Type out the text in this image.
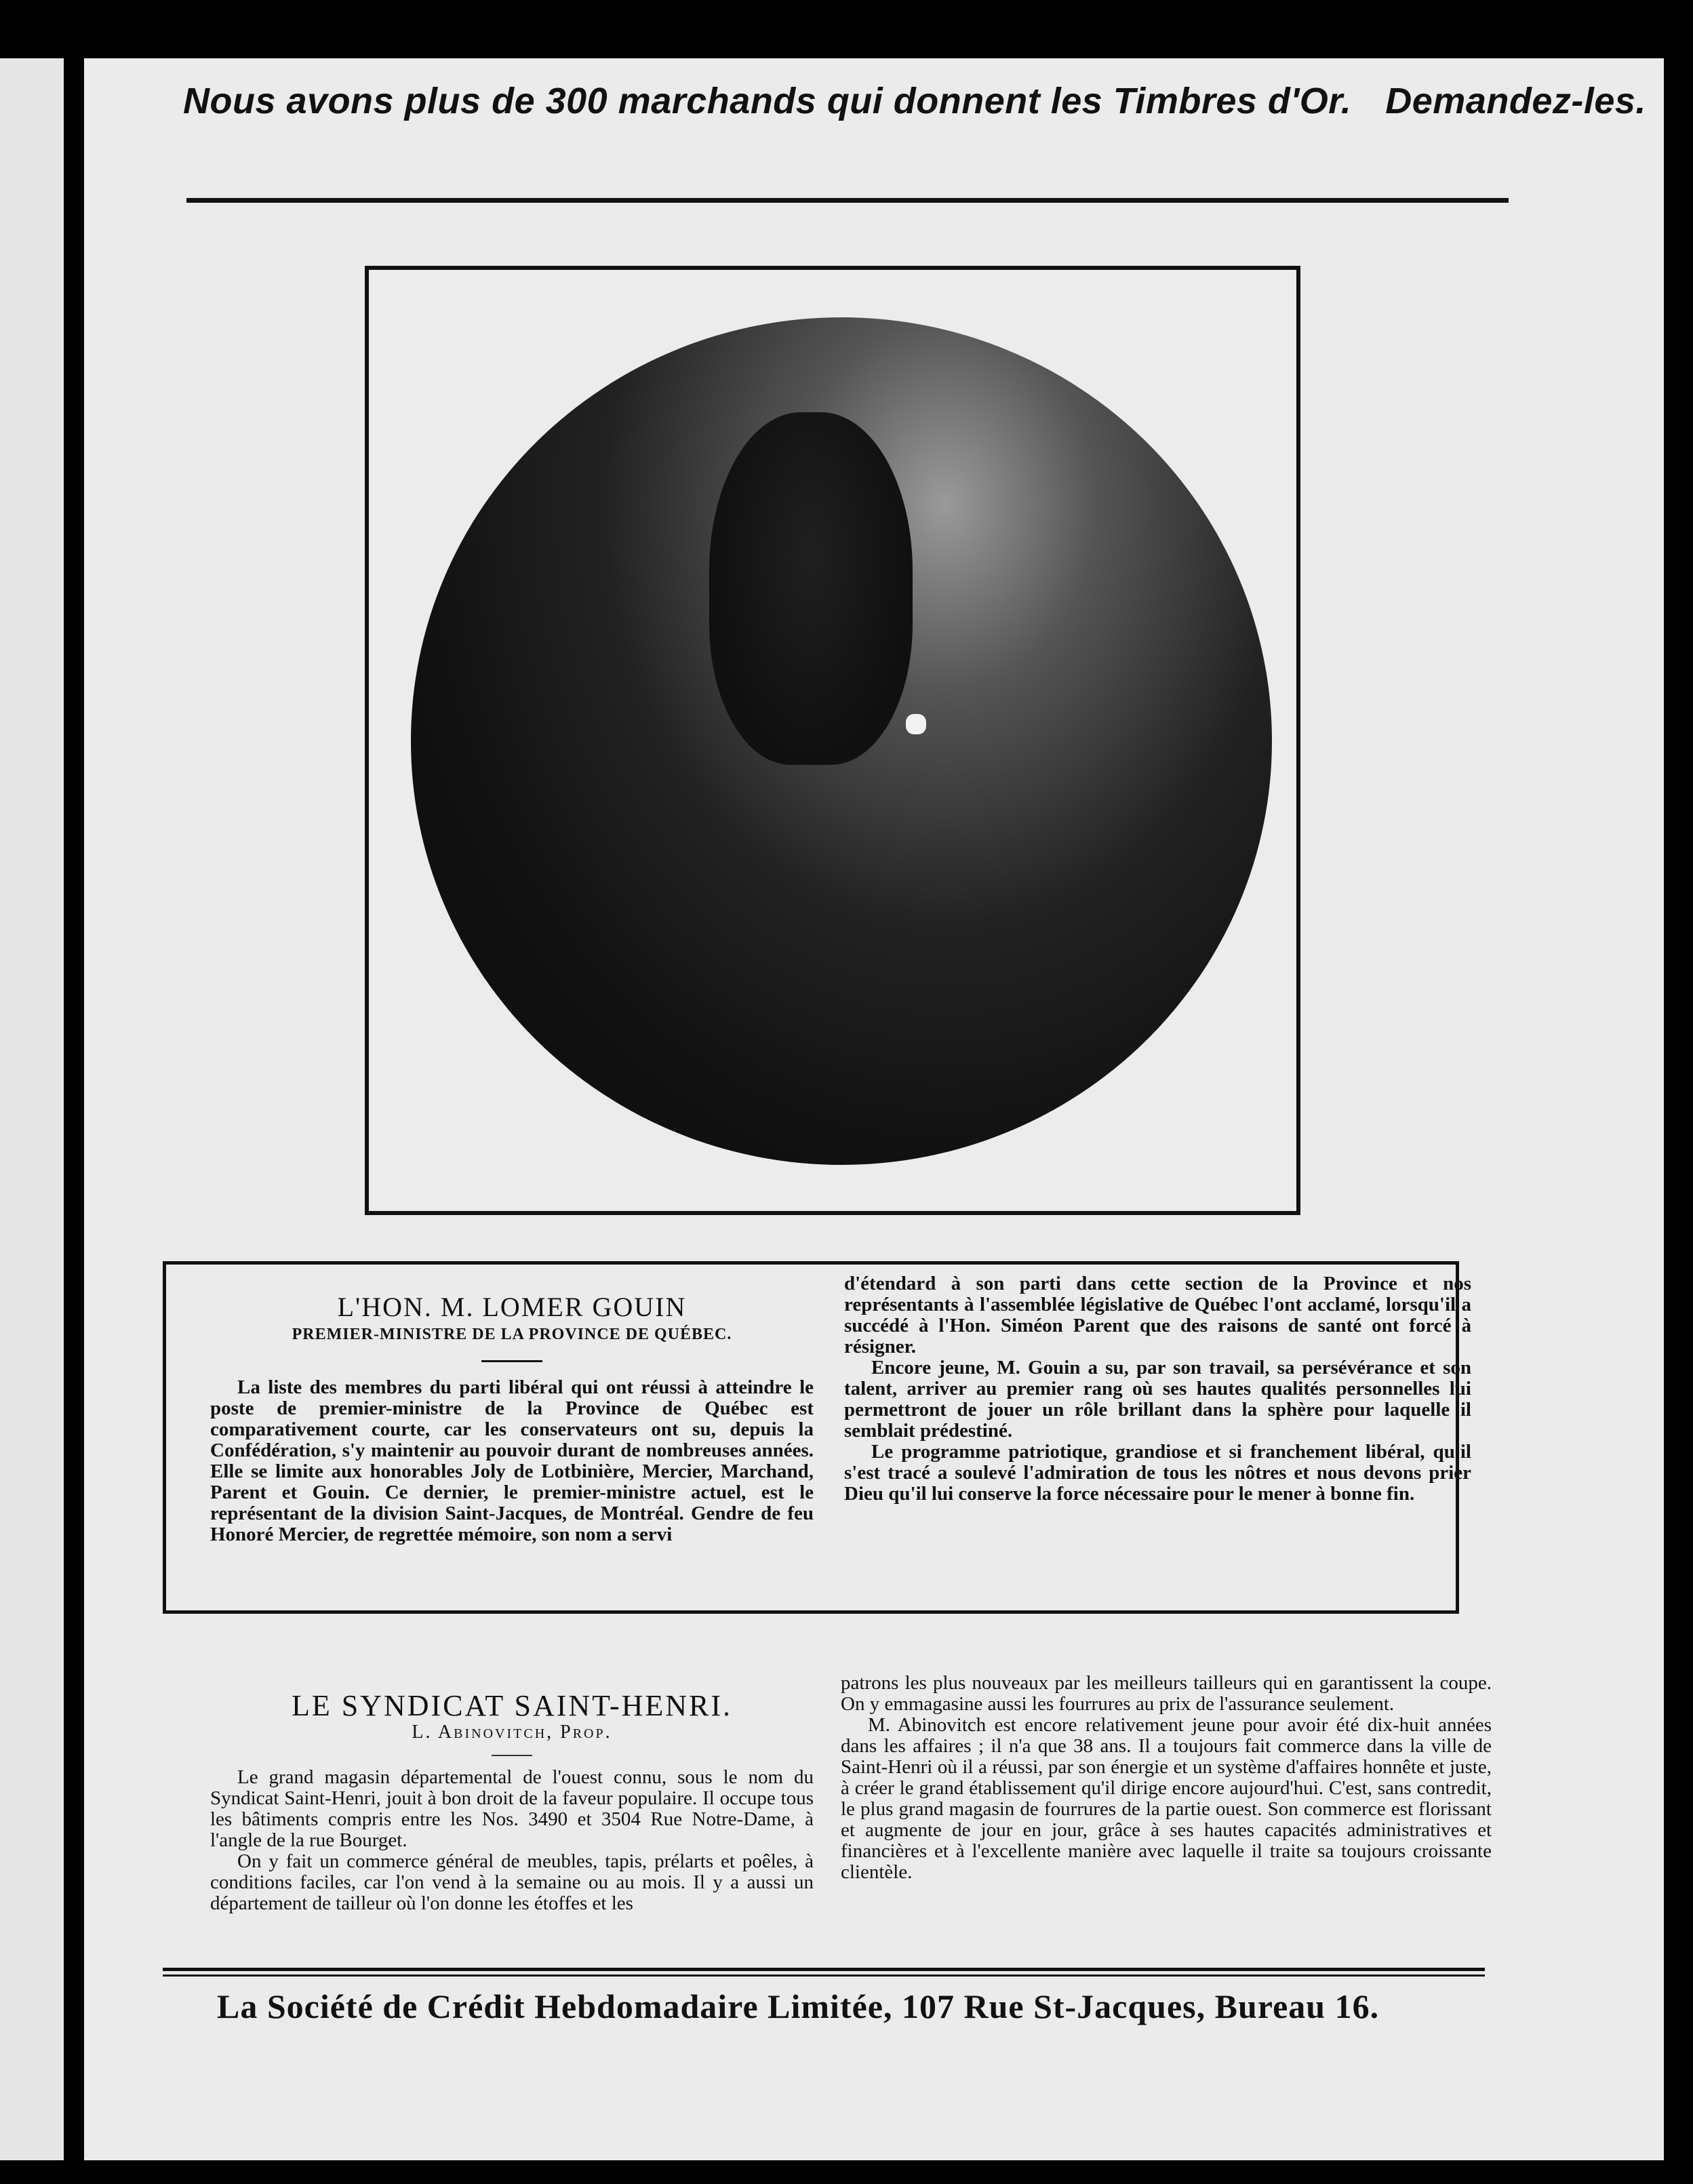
Nous avons plus de 300 marchands qui donnent les Timbres d'Or. Demandez-les.
L'HON. M. LOMER GOUIN
PREMIER-MINISTRE DE LA PROVINCE DE QUÉBEC.

La liste des membres du parti libéral qui ont réussi à atteindre le poste de premier-ministre de la Province de Québec est comparativement courte, car les conservateurs ont su, depuis la Confédération, s'y maintenir au pouvoir durant de nombreuses années. Elle se limite aux honorables Joly de Lotbinière, Mercier, Marchand, Parent et Gouin. Ce dernier, le premier-ministre actuel, est le représentant de la division Saint-Jacques, de Montréal. Gendre de feu Honoré Mercier, de regrettée mémoire, son nom a servi

d'étendard à son parti dans cette section de la Province et nos représentants à l'assemblée législative de Québec l'ont acclamé, lorsqu'il a succédé à l'Hon. Siméon Parent que des raisons de santé ont forcé à résigner.

Encore jeune, M. Gouin a su, par son travail, sa persévérance et son talent, arriver au premier rang où ses hautes qualités personnelles lui permettront de jouer un rôle brillant dans la sphère pour laquelle il semblait prédestiné.

Le programme patriotique, grandiose et si franchement libéral, qu'il s'est tracé a soulevé l'admiration de tous les nôtres et nous devons prier Dieu qu'il lui conserve la force nécessaire pour le mener à bonne fin.

LE SYNDICAT SAINT-HENRI.
L. Abinovitch, Prop.

Le grand magasin départemental de l'ouest connu, sous le nom du Syndicat Saint-Henri, jouit à bon droit de la faveur populaire. Il occupe tous les bâtiments compris entre les Nos. 3490 et 3504 Rue Notre-Dame, à l'angle de la rue Bourget.

On y fait un commerce général de meubles, tapis, prélarts et poêles, à conditions faciles, car l'on vend à la semaine ou au mois. Il y a aussi un département de tailleur où l'on donne les étoffes et les

patrons les plus nouveaux par les meilleurs tailleurs qui en garantissent la coupe. On y emmagasine aussi les fourrures au prix de l'assurance seulement.

M. Abinovitch est encore relativement jeune pour avoir été dix-huit années dans les affaires ; il n'a que 38 ans. Il a toujours fait commerce dans la ville de Saint-Henri où il a réussi, par son énergie et un système d'affaires honnête et juste, à créer le grand établissement qu'il dirige encore aujourd'hui. C'est, sans contredit, le plus grand magasin de fourrures de la partie ouest. Son commerce est florissant et augmente de jour en jour, grâce à ses hautes capacités administratives et financières et à l'excellente manière avec laquelle il traite sa toujours croissante clientèle.

La Société de Crédit Hebdomadaire Limitée, 107 Rue St-Jacques, Bureau 16.
